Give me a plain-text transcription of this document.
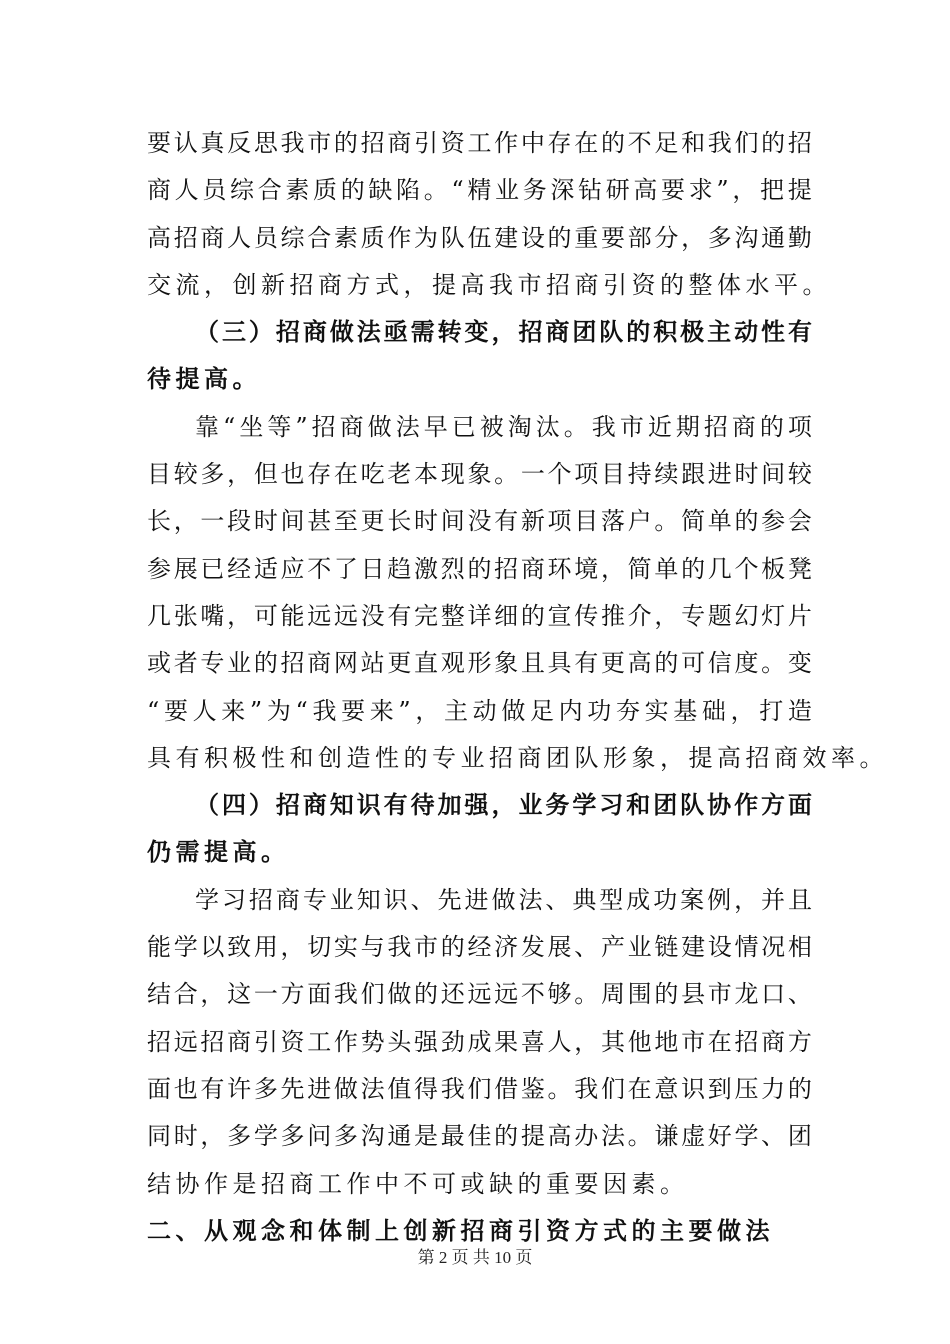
要 认 真 反 思 我 市 的 招 商 引 资 工 作 中 存 在 的 不 足 和 我 们 的 招
商 人 员 综 合 素 质 的 缺 陷 。 “ 精 业 务 深 钻 研 高 要 求 ” ， 把 提
高 招 商 人 员 综 合 素 质 作 为 队 伍 建 设 的 重 要 部 分 ， 多 沟 通 勤
交 流 ， 创 新 招 商 方 式 ， 提 高 我 市 招 商 引 资 的 整 体 水 平 。
（ 三 ） 招 商 做 法 亟 需 转 变 ， 招 商 团 队 的 积 极 主 动 性 有
待 提 高 。
靠 “ 坐 等 ” 招 商 做 法 早 已 被 淘 汰 。 我 市 近 期 招 商 的 项
目 较 多 ， 但 也 存 在 吃 老 本 现 象 。 一 个 项 目 持 续 跟 进 时 间 较
长 ， 一 段 时 间 甚 至 更 长 时 间 没 有 新 项 目 落 户 。 简 单 的 参 会
参 展 已 经 适 应 不 了 日 趋 激 烈 的 招 商 环 境 ， 简 单 的 几 个 板 凳
几 张 嘴 ， 可 能 远 远 没 有 完 整 详 细 的 宣 传 推 介 ， 专 题 幻 灯 片
或 者 专 业 的 招 商 网 站 更 直 观 形 象 且 具 有 更 高 的 可 信 度 。 变
“ 要 人 来 ” 为 “ 我 要 来 ” ， 主 动 做 足 内 功 夯 实 基 础 ， 打 造
具 有 积 极 性 和 创 造 性 的 专 业 招 商 团 队 形 象 ， 提 高 招 商 效 率 。
（ 四 ） 招 商 知 识 有 待 加 强 ， 业 务 学 习 和 团 队 协 作 方 面
仍 需 提 高 。
学 习 招 商 专 业 知 识 、 先 进 做 法 、 典 型 成 功 案 例 ， 并 且
能 学 以 致 用 ， 切 实 与 我 市 的 经 济 发 展 、 产 业 链 建 设 情 况 相
结 合 ， 这 一 方 面 我 们 做 的 还 远 远 不 够 。 周 围 的 县 市 龙 口 、
招 远 招 商 引 资 工 作 势 头 强 劲 成 果 喜 人 ， 其 他 地 市 在 招 商 方
面 也 有 许 多 先 进 做 法 值 得 我 们 借 鉴 。 我 们 在 意 识 到 压 力 的
同 时 ， 多 学 多 问 多 沟 通 是 最 佳 的 提 高 办 法 。 谦 虚 好 学 、 团
结 协 作 是 招 商 工 作 中 不 可 或 缺 的 重 要 因 素 。
二 、 从 观 念 和 体 制 上 创 新 招 商 引 资 方 式 的 主 要 做 法
第 2 页 共 10 页
